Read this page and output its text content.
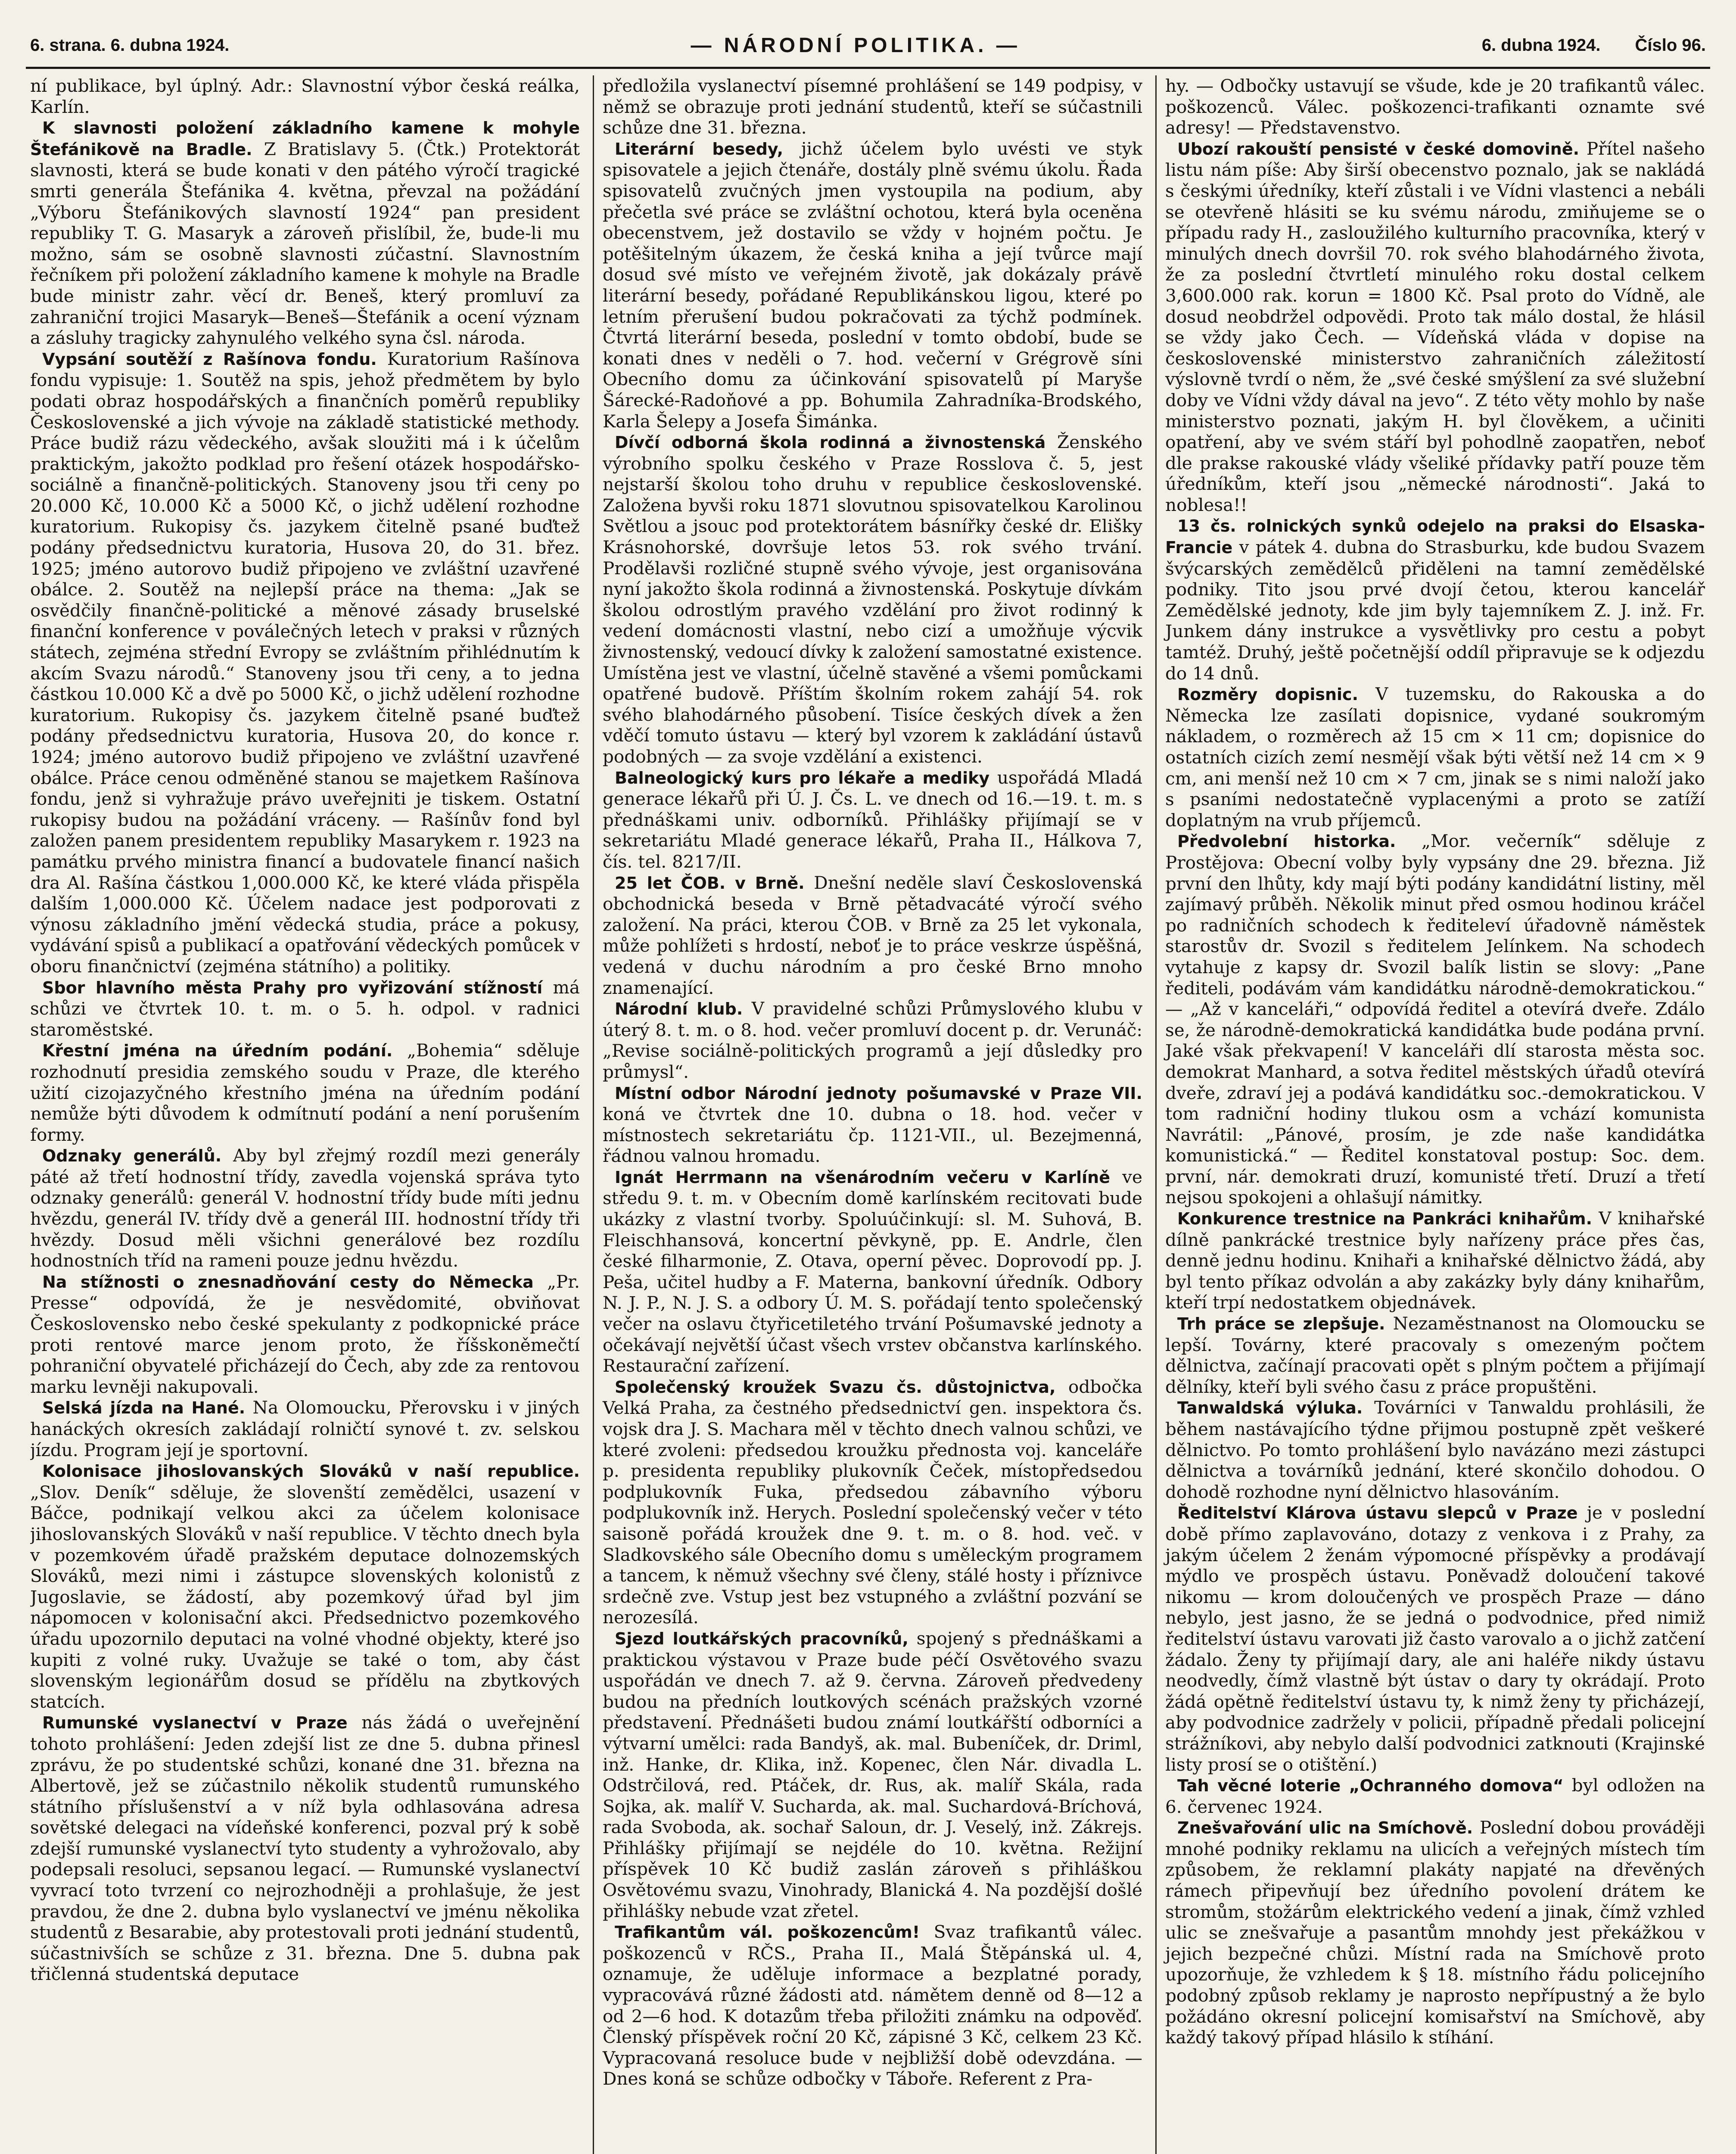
6. strana. 6. dubna 1924.	— NÁRODNÍ POLITIKA. —	6. dubna 1924. Číslo 96.

ní publikace, byl úplný. Adr.: Slavnostní výbor česká reálka, Karlín.

K slavnosti položení základního kamene k mohyle Štefánikově na Bradle. Z Bratislavy 5. (Čtk.) Protektorát slavnosti, která se bude konati v den pátého výročí tragické smrti generála Štefánika 4. května, převzal na požádání „Výboru Štefánikových slavností 1924“ pan president republiky T. G. Masaryk a zároveň přislíbil, že, bude-li mu možno, sám se osobně slavnosti zúčastní. Slavnostním řečníkem při položení základního kamene k mohyle na Bradle bude ministr zahr. věcí dr. Beneš, který promluví za zahraniční trojici Masaryk—Beneš—Štefánik a ocení význam a zásluhy tragicky zahynulého velkého syna čsl. národa.

Vypsání soutěží z Rašínova fondu. Kuratorium Rašínova fondu vypisuje: 1. Soutěž na spis, jehož předmětem by bylo podati obraz hospodářských a finančních poměrů republiky Československé a jich vývoje na základě statistické methody. Práce budiž rázu vědeckého, avšak sloužiti má i k účelům praktickým, jakožto podklad pro řešení otázek hospodářsko-sociálně a finančně-politických. Stanoveny jsou tři ceny po 20.000 Kč, 10.000 Kč a 5000 Kč, o jichž udělení rozhodne kuratorium. Rukopisy čs. jazykem čitelně psané buďtež podány předsednictvu kuratoria, Husova 20, do 31. břez. 1925; jméno autorovo budiž připojeno ve zvláštní uzavřené obálce. 2. Soutěž na nejlepší práce na thema: „Jak se osvědčily finančně-politické a měnové zásady bruselské finanční konference v poválečných letech v praksi v různých státech, zejména střední Evropy se zvláštním přihlédnutím k akcím Svazu národů.“ Stanoveny jsou tři ceny, a to jedna částkou 10.000 Kč a dvě po 5000 Kč, o jichž udělení rozhodne kuratorium. Rukopisy čs. jazykem čitelně psané buďtež podány předsednictvu kuratoria, Husova 20, do konce r. 1924; jméno autorovo budiž připojeno ve zvláštní uzavřené obálce. Práce cenou odměněné stanou se majetkem Rašínova fondu, jenž si vyhražuje právo uveřejniti je tiskem. Ostatní rukopisy budou na požádání vráceny. — Rašínův fond byl založen panem presidentem republiky Masarykem r. 1923 na památku prvého ministra financí a budovatele financí našich dra Al. Rašína částkou 1,000.000 Kč, ke které vláda přispěla dalším 1,000.000 Kč. Účelem nadace jest podporovati z výnosu základního jmění vědecká studia, práce a pokusy, vydávání spisů a publikací a opatřování vědeckých pomůcek v oboru finančnictví (zejména státního) a politiky.

Sbor hlavního města Prahy pro vyřizování stížností má schůzi ve čtvrtek 10. t. m. o 5. h. odpol. v radnici staroměstské.

Křestní jména na úředním podání. „Bohemia“ sděluje rozhodnutí presidia zemského soudu v Praze, dle kterého užití cizojazyčného křestního jména na úředním podání nemůže býti důvodem k odmítnutí podání a není porušením formy.

Odznaky generálů. Aby byl zřejmý rozdíl mezi generály páté až třetí hodnostní třídy, zavedla vojenská správa tyto odznaky generálů: generál V. hodnostní třídy bude míti jednu hvězdu, generál IV. třídy dvě a generál III. hodnostní třídy tři hvězdy. Dosud měli všichni generálové bez rozdílu hodnostních tříd na rameni pouze jednu hvězdu.

Na stížnosti o znesnadňování cesty do Německa „Pr. Presse“ odpovídá, že je nesvědomité, obviňovat Československo nebo české spekulanty z podkopnické práce proti rentové marce jenom proto, že říšskoněmečtí pohraniční obyvatelé přicházejí do Čech, aby zde za rentovou marku levněji nakupovali.

Selská jízda na Hané. Na Olomoucku, Přerovsku i v jiných hanáckých okresích zakládají rolničtí synové t. zv. selskou jízdu. Program její je sportovní.

Kolonisace jihoslovanských Slováků v naší republice. „Slov. Deník“ sděluje, že slovenští zemědělci, usazení v Báčce, podnikají velkou akci za účelem kolonisace jihoslovanských Slováků v naší republice. V těchto dnech byla v pozemkovém úřadě pražském deputace dolnozemských Slováků, mezi nimi i zástupce slovenských kolonistů z Jugoslavie, se žádostí, aby pozemkový úřad byl jim nápomocen v kolonisační akci. Předsednictvo pozemkového úřadu upozornilo deputaci na volné vhodné objekty, které jso kupiti z volné ruky. Uvažuje se také o tom, aby část slovenským legionářům dosud se přídělu na zbytkových statcích.

Rumunské vyslanectví v Praze nás žádá o uveřejnění tohoto prohlášení: Jeden zdejší list ze dne 5. dubna přinesl zprávu, že po studentské schůzi, konané dne 31. března na Albertově, jež se zúčastnilo několik studentů rumunského státního příslušenství a v níž byla odhlasována adresa sovětské delegaci na vídeňské konferenci, pozval prý k sobě zdejší rumunské vyslanectví tyto studenty a vyhrožovalo, aby podepsali resoluci, sepsanou legací. — Rumunské vyslanectví vyvrací toto tvrzení co nejrozhodněji a prohlašuje, že jest pravdou, že dne 2. dubna bylo vyslanectví ve jménu několika studentů z Besarabie, aby protestovali proti jednání studentů, súčastnivších se schůze z 31. března. Dne 5. dubna pak třičlenná studentská deputace

předložila vyslanectví písemné prohlášení se 149 podpisy, v němž se obrazuje proti jednání studentů, kteří se súčastnili schůze dne 31. března.

Literární besedy, jichž účelem bylo uvésti ve styk spisovatele a jejich čtenáře, dostály plně svému úkolu. Řada spisovatelů zvučných jmen vystoupila na podium, aby přečetla své práce se zvláštní ochotou, která byla oceněna obecenstvem, jež dostavilo se vždy v hojném počtu. Je potěšitelným úkazem, že česká kniha a její tvůrce mají dosud své místo ve veřejném životě, jak dokázaly právě literární besedy, pořádané Republikánskou ligou, které po letním přerušení budou pokračovati za týchž podmínek. Čtvrtá literární beseda, poslední v tomto období, bude se konati dnes v neděli o 7. hod. večerní v Grégrově síni Obecního domu za účinkování spisovatelů pí Maryše Šárecké-Radoňové a pp. Bohumila Zahradníka-Brodského, Karla Šelepy a Josefa Šimánka.

Dívčí odborná škola rodinná a živnostenská Ženského výrobního spolku českého v Praze Rosslova č. 5, jest nejstarší školou toho druhu v republice československé. Založena byvši roku 1871 slovutnou spisovatelkou Karolinou Světlou a jsouc pod protektorátem básnířky české dr. Elišky Krásnohorské, dovršuje letos 53. rok svého trvání. Prodělavši rozličné stupně svého vývoje, jest organisována nyní jakožto škola rodinná a živnostenská. Poskytuje dívkám školou odrostlým pravého vzdělání pro život rodinný k vedení domácnosti vlastní, nebo cizí a umožňuje výcvik živnostenský, vedoucí dívky k založení samostatné existence. Umístěna jest ve vlastní, účelně stavěné a všemi pomůckami opatřené budově. Příštím školním rokem zahájí 54. rok svého blahodárného působení. Tisíce českých dívek a žen vděčí tomuto ústavu — který byl vzorem k zakládání ústavů podobných — za svoje vzdělání a existenci.

Balneologický kurs pro lékaře a mediky uspořádá Mladá generace lékařů při Ú. J. Čs. L. ve dnech od 16.—19. t. m. s přednáškami univ. odborníků. Přihlášky přijímají se v sekretariátu Mladé generace lékařů, Praha II., Hálkova 7, čís. tel. 8217/II.

25 let ČOB. v Brně. Dnešní neděle slaví Československá obchodnická beseda v Brně pětadvacáté výročí svého založení. Na práci, kterou ČOB. v Brně za 25 let vykonala, může pohlížeti s hrdostí, neboť je to práce veskrze úspěšná, vedená v duchu národním a pro české Brno mnoho znamenající.

Národní klub. V pravidelné schůzi Průmyslového klubu v úterý 8. t. m. o 8. hod. večer promluví docent p. dr. Verunáč: „Revise sociálně-politických programů a její důsledky pro průmysl“.

Místní odbor Národní jednoty pošumavské v Praze VII. koná ve čtvrtek dne 10. dubna o 18. hod. večer v místnostech sekretariátu čp. 1121-VII., ul. Bezejmenná, řádnou valnou hromadu.

Ignát Herrmann na všenárodním večeru v Karlíně ve středu 9. t. m. v Obecním domě karlínském recitovati bude ukázky z vlastní tvorby. Spoluúčinkují: sl. M. Suhová, B. Fleischhansová, koncertní pěvkyně, pp. E. Andrle, člen české filharmonie, Z. Otava, operní pěvec. Doprovodí pp. J. Peša, učitel hudby a F. Materna, bankovní úředník. Odbory N. J. P., N. J. S. a odbory Ú. M. S. pořádají tento společenský večer na oslavu čtyřicetiletého trvání Pošumavské jednoty a očekávají největší účast všech vrstev občanstva karlínského. Restaurační zařízení.

Společenský kroužek Svazu čs. důstojnictva, odbočka Velká Praha, za čestného předsednictví gen. inspektora čs. vojsk dra J. S. Machara měl v těchto dnech valnou schůzi, ve které zvoleni: předsedou kroužku přednosta voj. kanceláře p. presidenta republiky plukovník Čeček, místopředsedou podplukovník Fuka, předsedou zábavního výboru podplukovník inž. Herych. Poslední společenský večer v této saisoně pořádá kroužek dne 9. t. m. o 8. hod. več. v Sladkovského sále Obecního domu s uměleckým programem a tancem, k němuž všechny své členy, stálé hosty i příznivce srdečně zve. Vstup jest bez vstupného a zvláštní pozvání se nerozesílá.

Sjezd loutkářských pracovníků, spojený s přednáškami a praktickou výstavou v Praze bude péčí Osvětového svazu uspořádán ve dnech 7. až 9. června. Zároveň předvedeny budou na předních loutkových scénách pražských vzorné představení. Přednášeti budou známí loutkářští odborníci a výtvarní umělci: rada Bandyš, ak. mal. Bubeníček, dr. Driml, inž. Hanke, dr. Klika, inž. Kopenec, člen Nár. divadla L. Odstrčilová, red. Ptáček, dr. Rus, ak. malíř Skála, rada Sojka, ak. malíř V. Suchardа, ak. mal. Suchardová-Bríchová, rada Svoboda, ak. sochař Saloun, dr. J. Veselý, inž. Zákrejs. Přihlášky přijímají se nejdéle do 10. května. Režijní příspěvek 10 Kč budiž zaslán zároveň s přihláškou Osvětovému svazu, Vinohrady, Blanická 4. Na pozdější došlé přihlášky nebude vzat zřetel.

Trafikantům vál. poškozencům! Svaz trafikantů válec. poškozenců v RČS., Praha II., Malá Štěpánská ul. 4, oznamuje, že uděluje informace a bezplatné porady, vypracovává různé žádosti atd. námětem denně od 8—12 a od 2—6 hod. K dotazům třeba přiložiti známku na odpověď. Členský příspěvek roční 20 Kč, zápisné 3 Kč, celkem 23 Kč. Vypracovaná resoluce bude v nejbližší době odevzdána. — Dnes koná se schůze odbočky v Táboře. Referent z Pra-

hy. — Odbočky ustavují se všude, kde je 20 trafikantů válec. poškozenců. Válec. poškozenci-trafikanti oznamte své adresy! — Představenstvo.

Ubozí rakouští pensisté v české domovině. Přítel našeho listu nám píše: Aby širší obecenstvo poznalo, jak se nakládá s českými úředníky, kteří zůstali i ve Vídni vlastenci a nebáli se otevřeně hlásiti se ku svému národu, zmiňujeme se o případu rady H., zasloužilého kulturního pracovníka, který v minulých dnech dovršil 70. rok svého blahodárného života, že za poslední čtvrtletí minulého roku dostal celkem 3,600.000 rak. korun = 1800 Kč. Psal proto do Vídně, ale dosud neobdržel odpovědi. Proto tak málo dostal, že hlásil se vždy jako Čech. — Vídeňská vláda v dopise na československé ministerstvo zahraničních záležitostí výslovně tvrdí o něm, že „své české smýšlení za své služební doby ve Vídni vždy dával na jevo“. Z této věty mohlo by naše ministerstvo poznati, jakým H. byl člověkem, a učiniti opatření, aby ve svém stáří byl pohodlně zaopatřen, neboť dle prakse rakouské vlády všeliké přídavky patří pouze těm úředníkům, kteří jsou „německé národnosti“. Jaká to noblesa!!

13 čs. rolnických synků odejelo na praksi do Elsaska-Francie v pátek 4. dubna do Strasburku, kde budou Svazem švýcarských zemědělců přiděleni na tamní zemědělské podniky. Tito jsou prvé dvojí četou, kterou kancelář Zemědělské jednoty, kde jim byly tajemníkem Z. J. inž. Fr. Junkem dány instrukce a vysvětlivky pro cestu a pobyt tamtéž. Druhý, ještě početnější oddíl připravuje se k odjezdu do 14 dnů.

Rozměry dopisnic. V tuzemsku, do Rakouska a do Německa lze zasílati dopisnice, vydané soukromým nákladem, o rozměrech až 15 cm × 11 cm; dopisnice do ostatních cizích zemí nesmějí však býti větší než 14 cm × 9 cm, ani menší než 10 cm × 7 cm, jinak se s nimi naloží jako s psaními nedostatečně vyplacenými a proto se zatíží doplatným na vrub příjemců.

Předvolební historka. „Mor. večerník“ sděluje z Prostějova: Obecní volby byly vypsány dne 29. března. Již první den lhůty, kdy mají býti podány kandidátní listiny, měl zajímavý průběh. Několik minut před osmou hodinou kráčel po radničních schodech k řediteleví úřadovně náměstek starostův dr. Svozil s ředitelem Jelínkem. Na schodech vytahuje z kapsy dr. Svozil balík listin se slovy: „Pane řediteli, podávám vám kandidátku národně-demokratickou.“ — „Až v kanceláři,“ odpovídá ředitel a otevírá dveře. Zdálo se, že národně-demokratická kandidátka bude podána první. Jaké však překvapení! V kanceláři dlí starosta města soc. demokrat Manhard, a sotva ředitel městských úřadů otevírá dveře, zdraví jej a podává kandidátku soc.-demokratickou. V tom radniční hodiny tlukou osm a vchází komunista Navrátil: „Pánové, prosím, je zde naše kandidátka komunistická.“ — Ředitel konstatoval postup: Soc. dem. první, nár. demokrati druzí, komunisté třetí. Druzí a třetí nejsou spokojeni a ohlašují námitky.

Konkurence trestnice na Pankráci knihařům. V knihařské dílně pankrácké trestnice byly nařízeny práce přes čas, denně jednu hodinu. Knihaři a knihařské dělnictvo žádá, aby byl tento příkaz odvolán a aby zakázky byly dány knihařům, kteří trpí nedostatkem objednávek.

Trh práce se zlepšuje. Nezaměstnanost na Olomoucku se lepší. Továrny, které pracovaly s omezeným počtem dělnictva, začínají pracovati opět s plným počtem a přijímají dělníky, kteří byli svého času z práce propuštěni.

Tanwaldská výluka. Továrníci v Tanwaldu prohlásili, že během nastávajícího týdne přijmou postupně zpět veškeré dělnictvo. Po tomto prohlášení bylo navázáno mezi zástupci dělnictva a továrníků jednání, které skončilo dohodou. O dohodě rozhodne nyní dělnictvo hlasováním.

Ředitelství Klárova ústavu slepců v Praze je v poslední době přímo zaplavováno, dotazy z venkova i z Prahy, za jakým účelem 2 ženám výpomocné příspěvky a prodávají mýdlo ve prospěch ústavu. Poněvadž doloučení takové nikomu — krom doloučených ve prospěch Praze — dáno nebylo, jest jasno, že se jedná o podvodnice, před nimiž ředitelství ústavu varovati již často varovalo a o jichž zatčení žádalo. Ženy ty přijímají dary, ale ani haléře nikdy ústavu neodvedly, čímž vlastně být ústav o dary ty okrádají. Proto žádá opětně ředitelství ústavu ty, k nimž ženy ty přicházejí, aby podvodnice zadržely v policii, případně předali policejní strážníkovi, aby nebylo další podvodnici zatknouti (Krajinské listy prosí se o otištění.)

Tah věcné loterie „Ochranného domova“ byl odložen na 6. červenec 1924.

Znešvařování ulic na Smíchově. Poslední dobou prováději mnohé podniky reklamu na ulicích a veřejných místech tím způsobem, že reklamní plakáty napjaté na dřevěných rámech připevňují bez úředního povolení drátem ke stromům, stožárům elektrického vedení a jinak, čímž vzhled ulic se znešvařuje a pasantům mnohdy jest překážkou v jejich bezpečné chůzi. Místní rada na Smíchově proto upozorňuje, že vzhledem k § 18. místního řádu policejního podobný způsob reklamy je naprosto nepřípustný a že bylo požádáno okresní policejní komisařství na Smíchově, aby každý takový případ hlásilo k stíhání.
